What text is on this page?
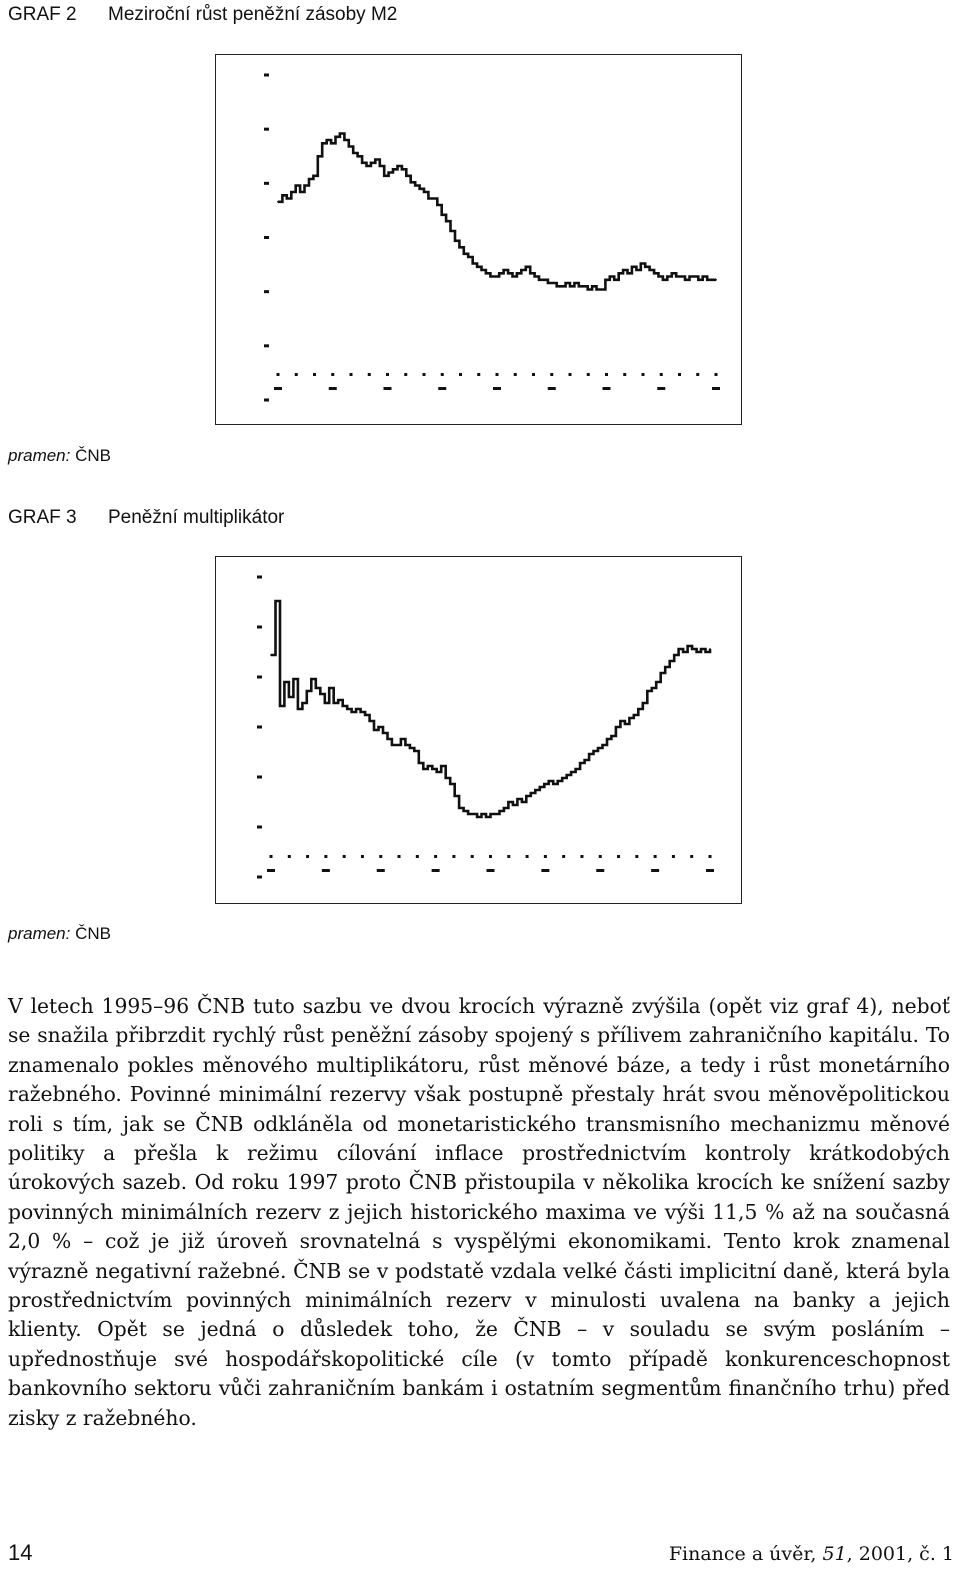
GRAF 2 Meziroční růst peněžní zásoby M2
pramen: ČNB
GRAF 3 Peněžní multiplikátor
pramen: ČNB

V letech 1995–96 ČNB tuto sazbu ve dvou krocích výrazně zvýšila (opět viz graf 4), neboť se snažila přibrzdit rychlý růst peněžní zásoby spojený s přílivem zahraničního kapitálu. To znamenalo pokles měnového multiplikátoru, růst měnové báze, a tedy i růst monetárního ražebného. Povinné minimální rezervy však postupně přestaly hrát svou měnověpolitickou roli s tím, jak se ČNB odkláněla od monetaristického transmisního mechanizmu měnové politiky a přešla k režimu cílování inflace prostřednictvím kontroly krátkodobých úrokových sazeb. Od roku 1997 proto ČNB přistoupila v několika krocích ke snížení sazby povinných minimálních rezerv z jejich historického maxima ve výši 11,5 % až na současná 2,0 % – což je již úroveň srovnatelná s vyspělými ekonomikami. Tento krok znamenal výrazně negativní ražebné. ČNB se v podstatě vzdala velké části implicitní daně, která byla prostřednictvím povinných minimálních rezerv v minulosti uvalena na banky a jejich klienty. Opět se jedná o důsledek toho, že ČNB – v souladu se svým posláním – upřednostňuje své hospodářskopolitické cíle (v tomto případě konkurenceschopnost bankovního sektoru vůči zahraničním bankám i ostatním segmentům finančního trhu) před zisky z ražebného.

14	Finance a úvěr, 51, 2001, č. 1
